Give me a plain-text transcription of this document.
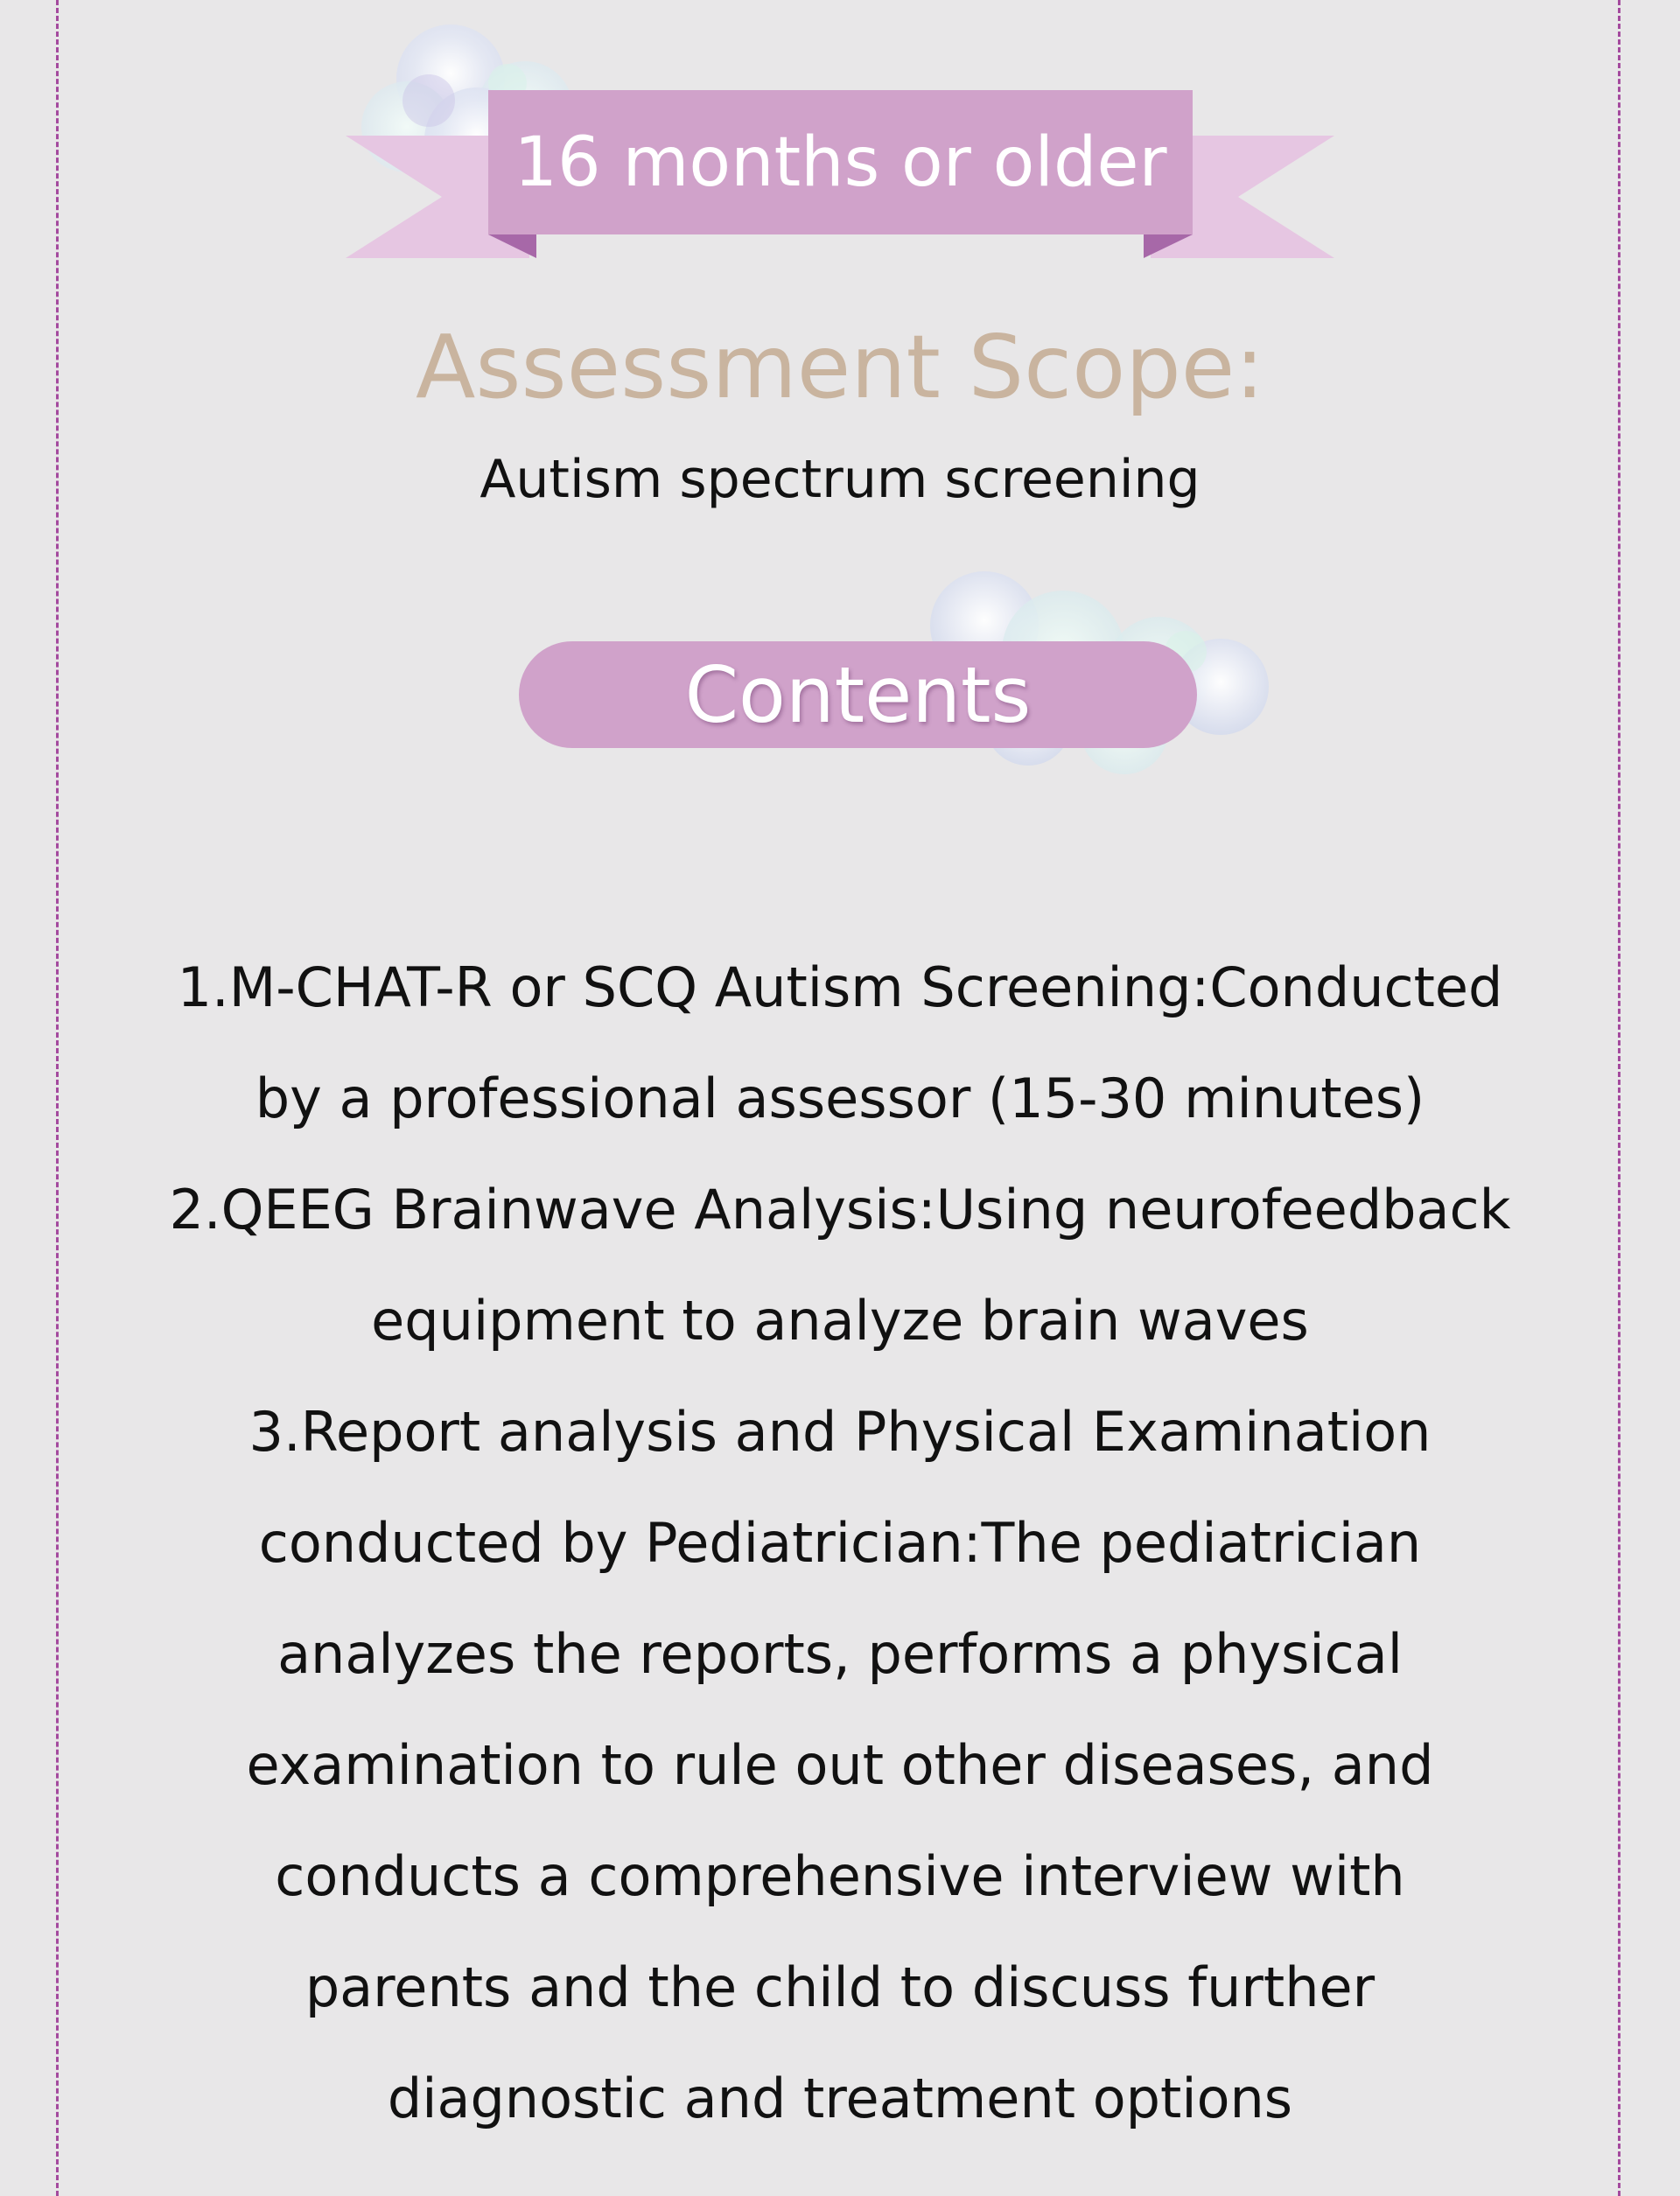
16 months or older
Assessment Scope:
Autism spectrum screening
Contents
1.M-CHAT-R or SCQ Autism Screening:Conducted
by a professional assessor (15-30 minutes)
2.QEEG Brainwave Analysis:Using neurofeedback
equipment to analyze brain waves
3.Report analysis and Physical Examination
conducted by Pediatrician:The pediatrician
analyzes the reports, performs a physical
examination to rule out other diseases, and
conducts a comprehensive interview with
parents and the child to discuss further
diagnostic and treatment options
